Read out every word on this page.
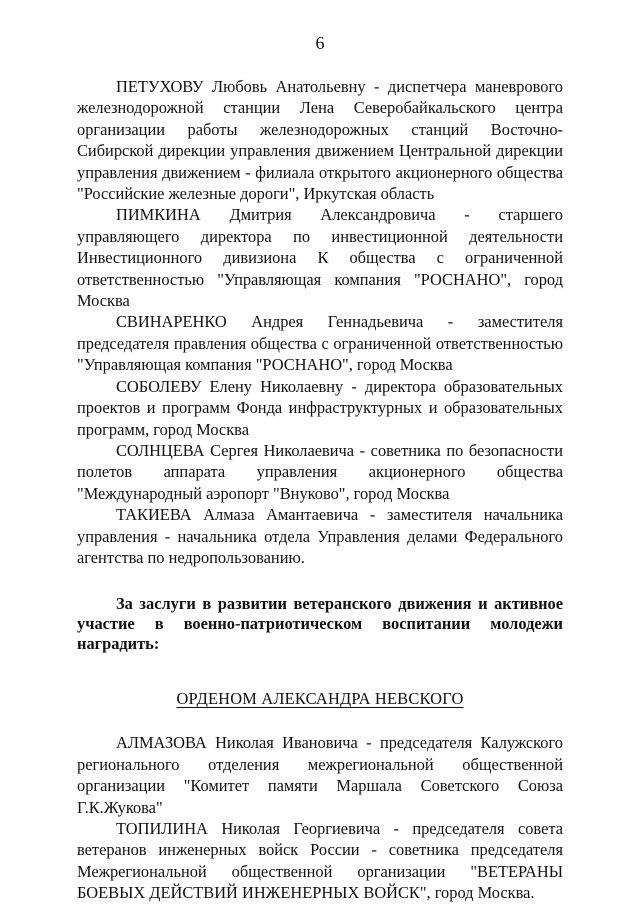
6

ПЕТУХОВУ Любовь Анатольевну - диспетчера маневрового железнодорожной станции Лена Северобайкальского центра организации работы железнодорожных станций Восточно-Сибирской дирекции управления движением Центральной дирекции управления движением - филиала открытого акционерного общества "Российские железные дороги", Иркутская область

ПИМКИНА Дмитрия Александровича - старшего управляющего директора по инвестиционной деятельности Инвестиционного дивизиона К общества с ограниченной ответственностью "Управляющая компания "РОСНАНО", город Москва

СВИНАРЕНКО Андрея Геннадьевича - заместителя председателя правления общества с ограниченной ответственностью "Управляющая компания "РОСНАНО", город Москва

СОБОЛЕВУ Елену Николаевну - директора образовательных проектов и программ Фонда инфраструктурных и образовательных программ, город Москва

СОЛНЦЕВА Сергея Николаевича - советника по безопасности полетов аппарата управления акционерного общества "Международный аэропорт "Внуково", город Москва

ТАКИЕВА Алмаза Амантаевича - заместителя начальника управления - начальника отдела Управления делами Федерального агентства по недропользованию.

За заслуги в развитии ветеранского движения и активное участие в военно-патриотическом воспитании молодежи наградить:

ОРДЕНОМ АЛЕКСАНДРА НЕВСКОГО

АЛМАЗОВА Николая Ивановича - председателя Калужского регионального отделения межрегиональной общественной организации "Комитет памяти Маршала Советского Союза Г.К.Жукова"

ТОПИЛИНА Николая Георгиевича - председателя совета ветеранов инженерных войск России - советника председателя Межрегиональной общественной организации "ВЕТЕРАНЫ БОЕВЫХ ДЕЙСТВИЙ ИНЖЕНЕРНЫХ ВОЙСК", город Москва.
